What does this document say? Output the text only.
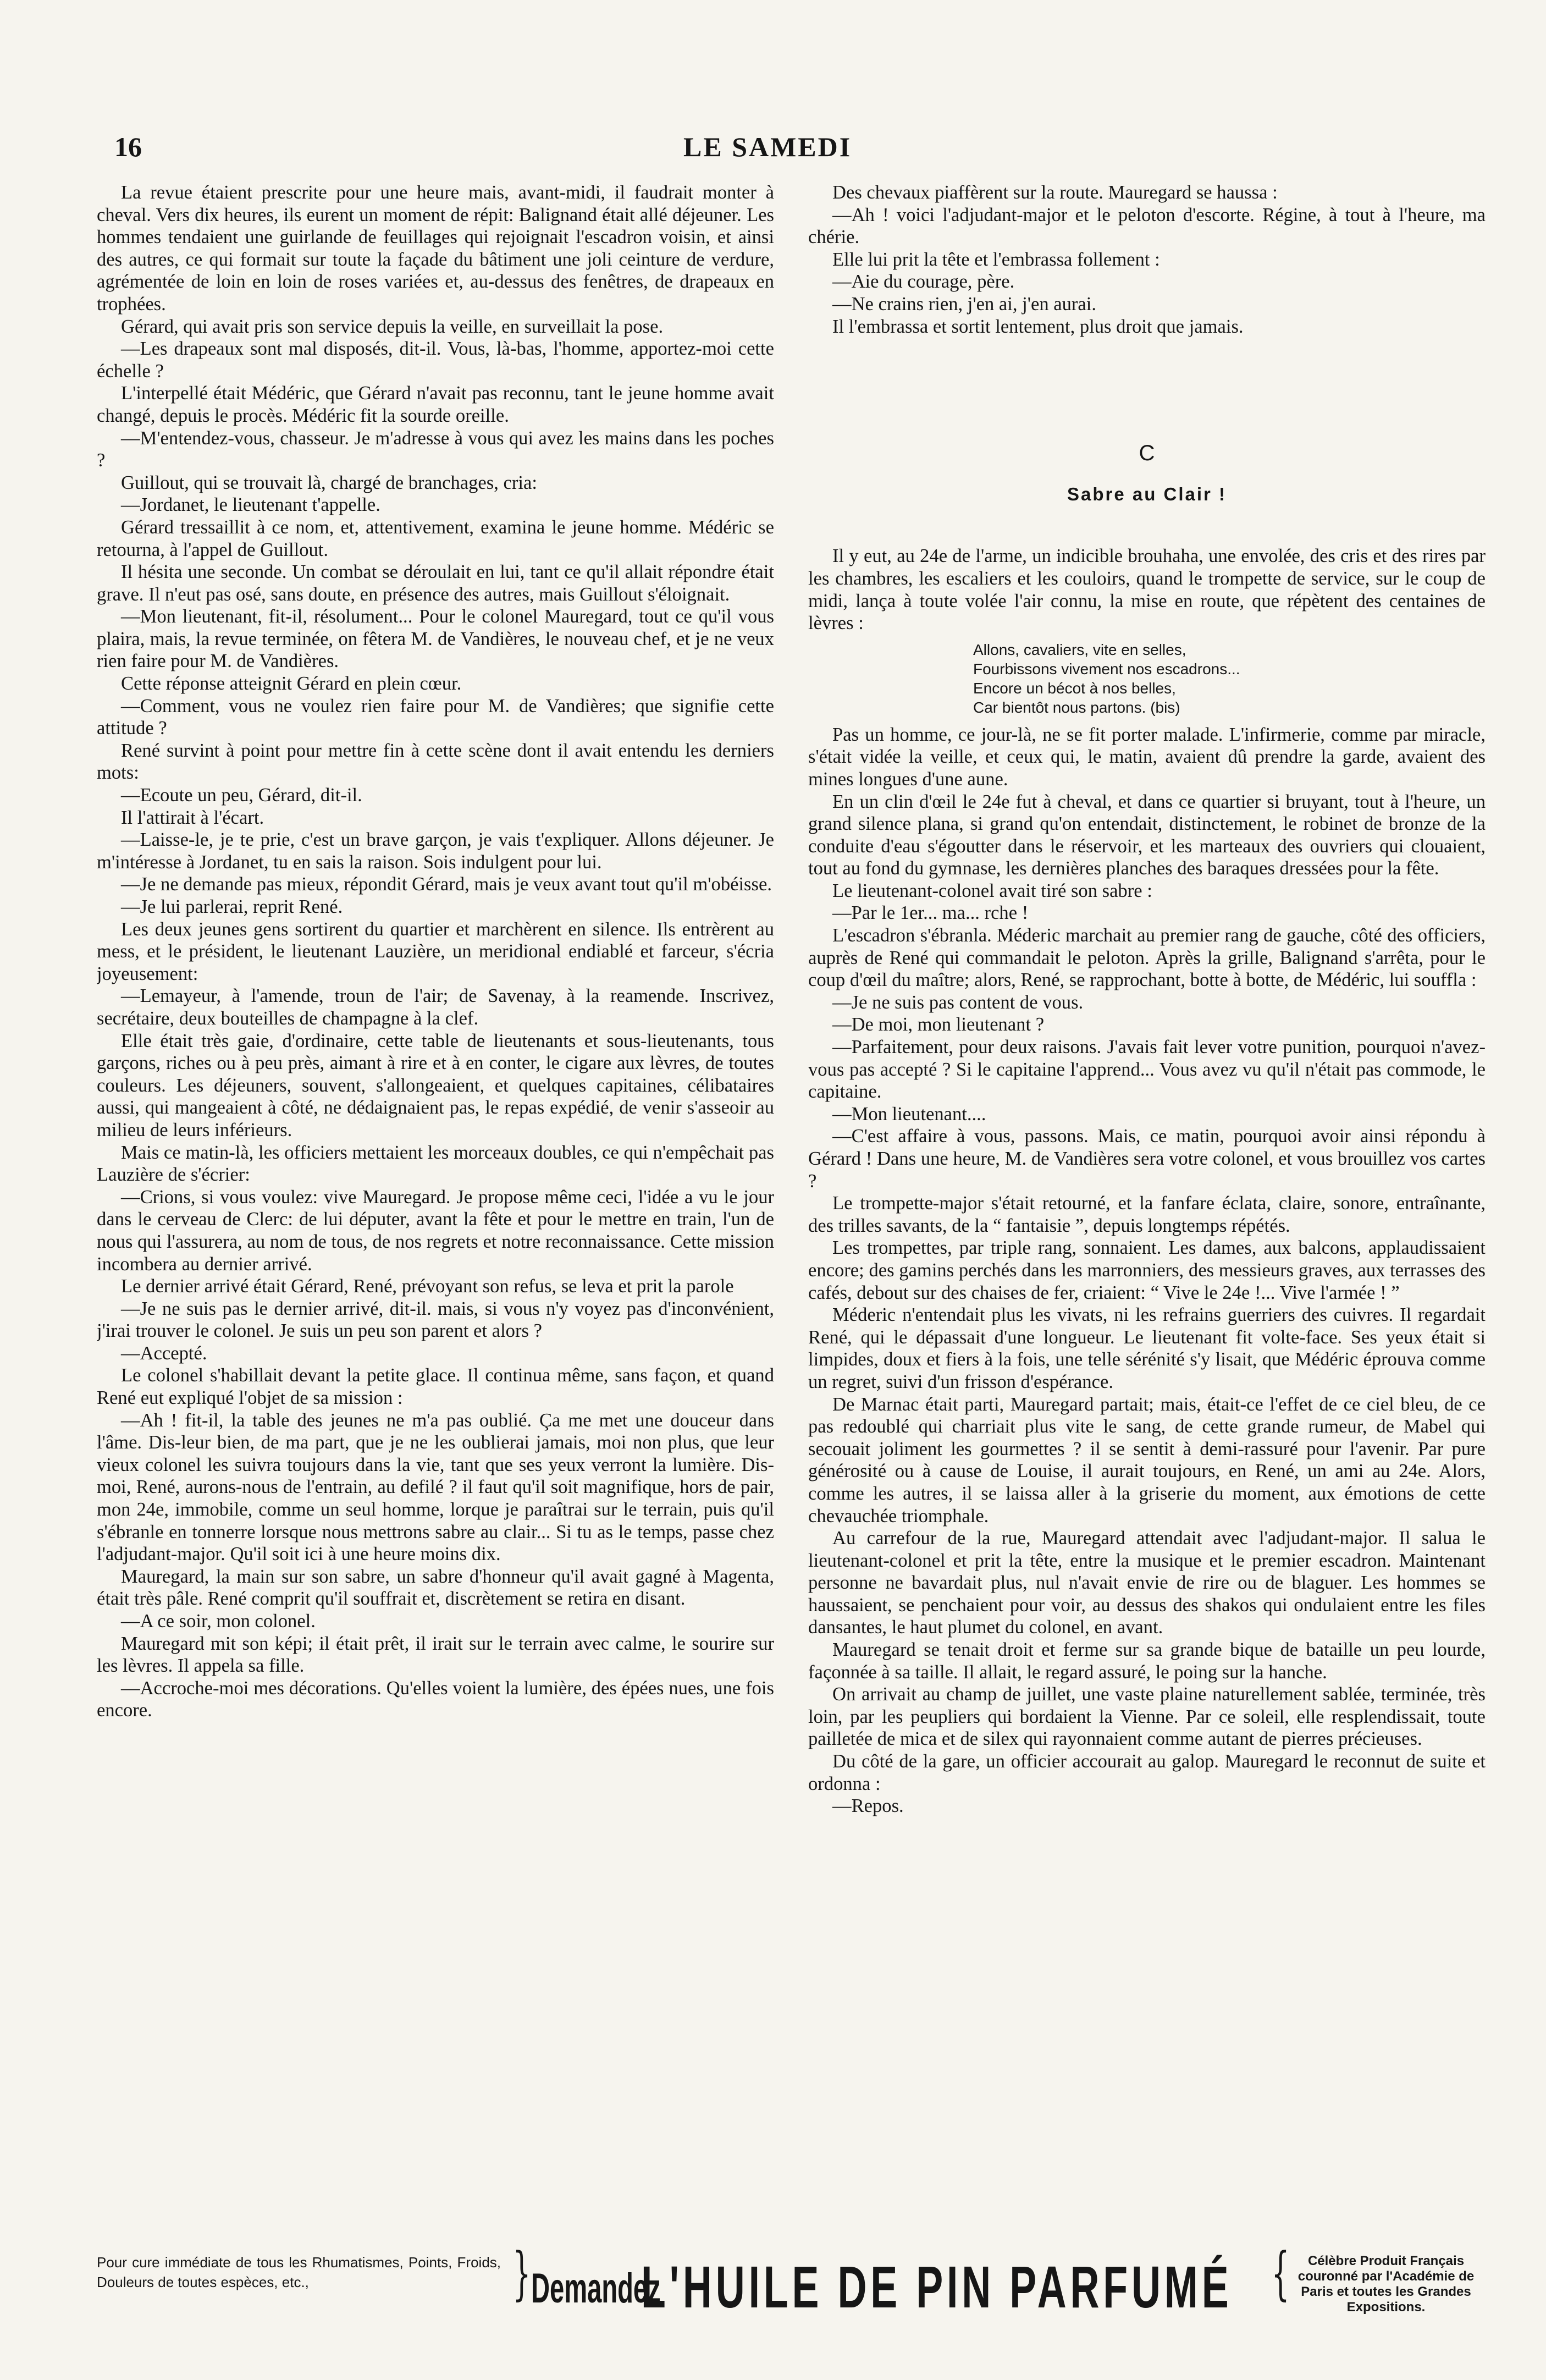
16	LE SAMEDI

La revue étaient prescrite pour une heure mais, avant-midi, il faudrait monter à cheval. Vers dix heures, ils eurent un moment de répit: Balignand était allé déjeuner. Les hommes tendaient une guirlande de feuillages qui rejoignait l'escadron voisin, et ainsi des autres, ce qui formait sur toute la façade du bâtiment une joli ceinture de verdure, agrémentée de loin en loin de roses variées et, au-dessus des fenêtres, de drapeaux en trophées.

Gérard, qui avait pris son service depuis la veille, en surveillait la pose.

—Les drapeaux sont mal disposés, dit-il. Vous, là-bas, l'homme, apportez-moi cette échelle ?

L'interpellé était Médéric, que Gérard n'avait pas reconnu, tant le jeune homme avait changé, depuis le procès. Médéric fit la sourde oreille.

—M'entendez-vous, chasseur. Je m'adresse à vous qui avez les mains dans les poches ?

Guillout, qui se trouvait là, chargé de branchages, cria:

—Jordanet, le lieutenant t'appelle.

Gérard tressaillit à ce nom, et, attentivement, examina le jeune homme. Médéric se retourna, à l'appel de Guillout.

Il hésita une seconde. Un combat se déroulait en lui, tant ce qu'il allait répondre était grave. Il n'eut pas osé, sans doute, en présence des autres, mais Guillout s'éloignait.

—Mon lieutenant, fit-il, résolument... Pour le colonel Mauregard, tout ce qu'il vous plaira, mais, la revue terminée, on fêtera M. de Vandières, le nouveau chef, et je ne veux rien faire pour M. de Vandières.

Cette réponse atteignit Gérard en plein cœur.

—Comment, vous ne voulez rien faire pour M. de Vandières; que signifie cette attitude ?

René survint à point pour mettre fin à cette scène dont il avait entendu les derniers mots:

—Ecoute un peu, Gérard, dit-il.

Il l'attirait à l'écart.

—Laisse-le, je te prie, c'est un brave garçon, je vais t'expliquer. Allons déjeuner. Je m'intéresse à Jordanet, tu en sais la raison. Sois indulgent pour lui.

—Je ne demande pas mieux, répondit Gérard, mais je veux avant tout qu'il m'obéisse.

—Je lui parlerai, reprit René.

Les deux jeunes gens sortirent du quartier et marchèrent en silence. Ils entrèrent au mess, et le président, le lieutenant Lauzière, un meridional endiablé et farceur, s'écria joyeusement:

—Lemayeur, à l'amende, troun de l'air; de Savenay, à la reamende. Inscrivez, secrétaire, deux bouteilles de champagne à la clef.

Elle était très gaie, d'ordinaire, cette table de lieutenants et sous-lieutenants, tous garçons, riches ou à peu près, aimant à rire et à en conter, le cigare aux lèvres, de toutes couleurs. Les déjeuners, souvent, s'allongeaient, et quelques capitaines, célibataires aussi, qui mangeaient à côté, ne dédaignaient pas, le repas expédié, de venir s'asseoir au milieu de leurs inférieurs.

Mais ce matin-là, les officiers mettaient les morceaux doubles, ce qui n'empêchait pas Lauzière de s'écrier:

—Crions, si vous voulez: vive Mauregard. Je propose même ceci, l'idée a vu le jour dans le cerveau de Clerc: de lui députer, avant la fête et pour le mettre en train, l'un de nous qui l'assurera, au nom de tous, de nos regrets et notre reconnaissance. Cette mission incombera au dernier arrivé.

Le dernier arrivé était Gérard, René, prévoyant son refus, se leva et prit la parole

—Je ne suis pas le dernier arrivé, dit-il. mais, si vous n'y voyez pas d'inconvénient, j'irai trouver le colonel. Je suis un peu son parent et alors ?

—Accepté.

Le colonel s'habillait devant la petite glace. Il continua même, sans façon, et quand René eut expliqué l'objet de sa mission :

—Ah ! fit-il, la table des jeunes ne m'a pas oublié. Ça me met une douceur dans l'âme. Dis-leur bien, de ma part, que je ne les oublierai jamais, moi non plus, que leur vieux colonel les suivra toujours dans la vie, tant que ses yeux verront la lumière. Dis-moi, René, aurons-nous de l'entrain, au defilé ? il faut qu'il soit magnifique, hors de pair, mon 24e, immobile, comme un seul homme, lorque je paraîtrai sur le terrain, puis qu'il s'ébranle en tonnerre lorsque nous mettrons sabre au clair... Si tu as le temps, passe chez l'adjudant-major. Qu'il soit ici à une heure moins dix.

Mauregard, la main sur son sabre, un sabre d'honneur qu'il avait gagné à Magenta, était très pâle. René comprit qu'il souffrait et, discrètement se retira en disant.

—A ce soir, mon colonel.

Mauregard mit son képi; il était prêt, il irait sur le terrain avec calme, le sourire sur les lèvres. Il appela sa fille.

—Accroche-moi mes décorations. Qu'elles voient la lumière, des épées nues, une fois encore.

Des chevaux piaffèrent sur la route. Mauregard se haussa :

—Ah ! voici l'adjudant-major et le peloton d'escorte. Régine, à tout à l'heure, ma chérie.

Elle lui prit la tête et l'embrassa follement :

—Aie du courage, père.

—Ne crains rien, j'en ai, j'en aurai.

Il l'embrassa et sortit lentement, plus droit que jamais.

C
Sabre au Clair !

Il y eut, au 24e de l'arme, un indicible brouhaha, une envolée, des cris et des rires par les chambres, les escaliers et les couloirs, quand le trompette de service, sur le coup de midi, lança à toute volée l'air connu, la mise en route, que répètent des centaines de lèvres :

Allons, cavaliers, vite en selles,
Fourbissons vivement nos escadrons...
Encore un bécot à nos belles,
Car bientôt nous partons. (bis)

Pas un homme, ce jour-là, ne se fit porter malade. L'infirmerie, comme par miracle, s'était vidée la veille, et ceux qui, le matin, avaient dû prendre la garde, avaient des mines longues d'une aune.

En un clin d'œil le 24e fut à cheval, et dans ce quartier si bruyant, tout à l'heure, un grand silence plana, si grand qu'on entendait, distinctement, le robinet de bronze de la conduite d'eau s'égoutter dans le réservoir, et les marteaux des ouvriers qui clouaient, tout au fond du gymnase, les dernières planches des baraques dressées pour la fête.

Le lieutenant-colonel avait tiré son sabre :

—Par le 1er... ma... rche !

L'escadron s'ébranla. Méderic marchait au premier rang de gauche, côté des officiers, auprès de René qui commandait le peloton. Après la grille, Balignand s'arrêta, pour le coup d'œil du maître; alors, René, se rapprochant, botte à botte, de Médéric, lui souffla :

—Je ne suis pas content de vous.

—De moi, mon lieutenant ?

—Parfaitement, pour deux raisons. J'avais fait lever votre punition, pourquoi n'avez-vous pas accepté ? Si le capitaine l'apprend... Vous avez vu qu'il n'était pas commode, le capitaine.

—Mon lieutenant....

—C'est affaire à vous, passons. Mais, ce matin, pourquoi avoir ainsi répondu à Gérard ! Dans une heure, M. de Vandières sera votre colonel, et vous brouillez vos cartes ?

Le trompette-major s'était retourné, et la fanfare éclata, claire, sonore, entraînante, des trilles savants, de la “ fantaisie ”, depuis longtemps répétés.

Les trompettes, par triple rang, sonnaient. Les dames, aux balcons, applaudissaient encore; des gamins perchés dans les marronniers, des messieurs graves, aux terrasses des cafés, debout sur des chaises de fer, criaient: “ Vive le 24e !... Vive l'armée ! ”

Méderic n'entendait plus les vivats, ni les refrains guerriers des cuivres. Il regardait René, qui le dépassait d'une longueur. Le lieutenant fit volte-face. Ses yeux était si limpides, doux et fiers à la fois, une telle sérénité s'y lisait, que Médéric éprouva comme un regret, suivi d'un frisson d'espérance.

De Marnac était parti, Mauregard partait; mais, était-ce l'effet de ce ciel bleu, de ce pas redoublé qui charriait plus vite le sang, de cette grande rumeur, de Mabel qui secouait joliment les gourmettes ? il se sentit à demi-rassuré pour l'avenir. Par pure générosité ou à cause de Louise, il aurait toujours, en René, un ami au 24e. Alors, comme les autres, il se laissa aller à la griserie du moment, aux émotions de cette chevauchée triomphale.

Au carrefour de la rue, Mauregard attendait avec l'adjudant-major. Il salua le lieutenant-colonel et prit la tête, entre la musique et le premier escadron. Maintenant personne ne bavardait plus, nul n'avait envie de rire ou de blaguer. Les hommes se haussaient, se penchaient pour voir, au dessus des shakos qui ondulaient entre les files dansantes, le haut plumet du colonel, en avant.

Mauregard se tenait droit et ferme sur sa grande bique de bataille un peu lourde, façonnée à sa taille. Il allait, le regard assuré, le poing sur la hanche.

On arrivait au champ de juillet, une vaste plaine naturellement sablée, terminée, très loin, par les peupliers qui bordaient la Vienne. Par ce soleil, elle resplendissait, toute pailletée de mica et de silex qui rayonnaient comme autant de pierres précieuses.

Du côté de la gare, un officier accourait au galop. Mauregard le reconnut de suite et ordonna :

—Repos.

Pour cure immédiate de tous les Rhumatismes, Points, Froids, Douleurs de toutes espèces, etc.,	} Demandez
L'HUILE DE PIN PARFUMÉ {	Célèbre Produit Français couronné par l'Académie de Paris et toutes les Grandes Expositions.
